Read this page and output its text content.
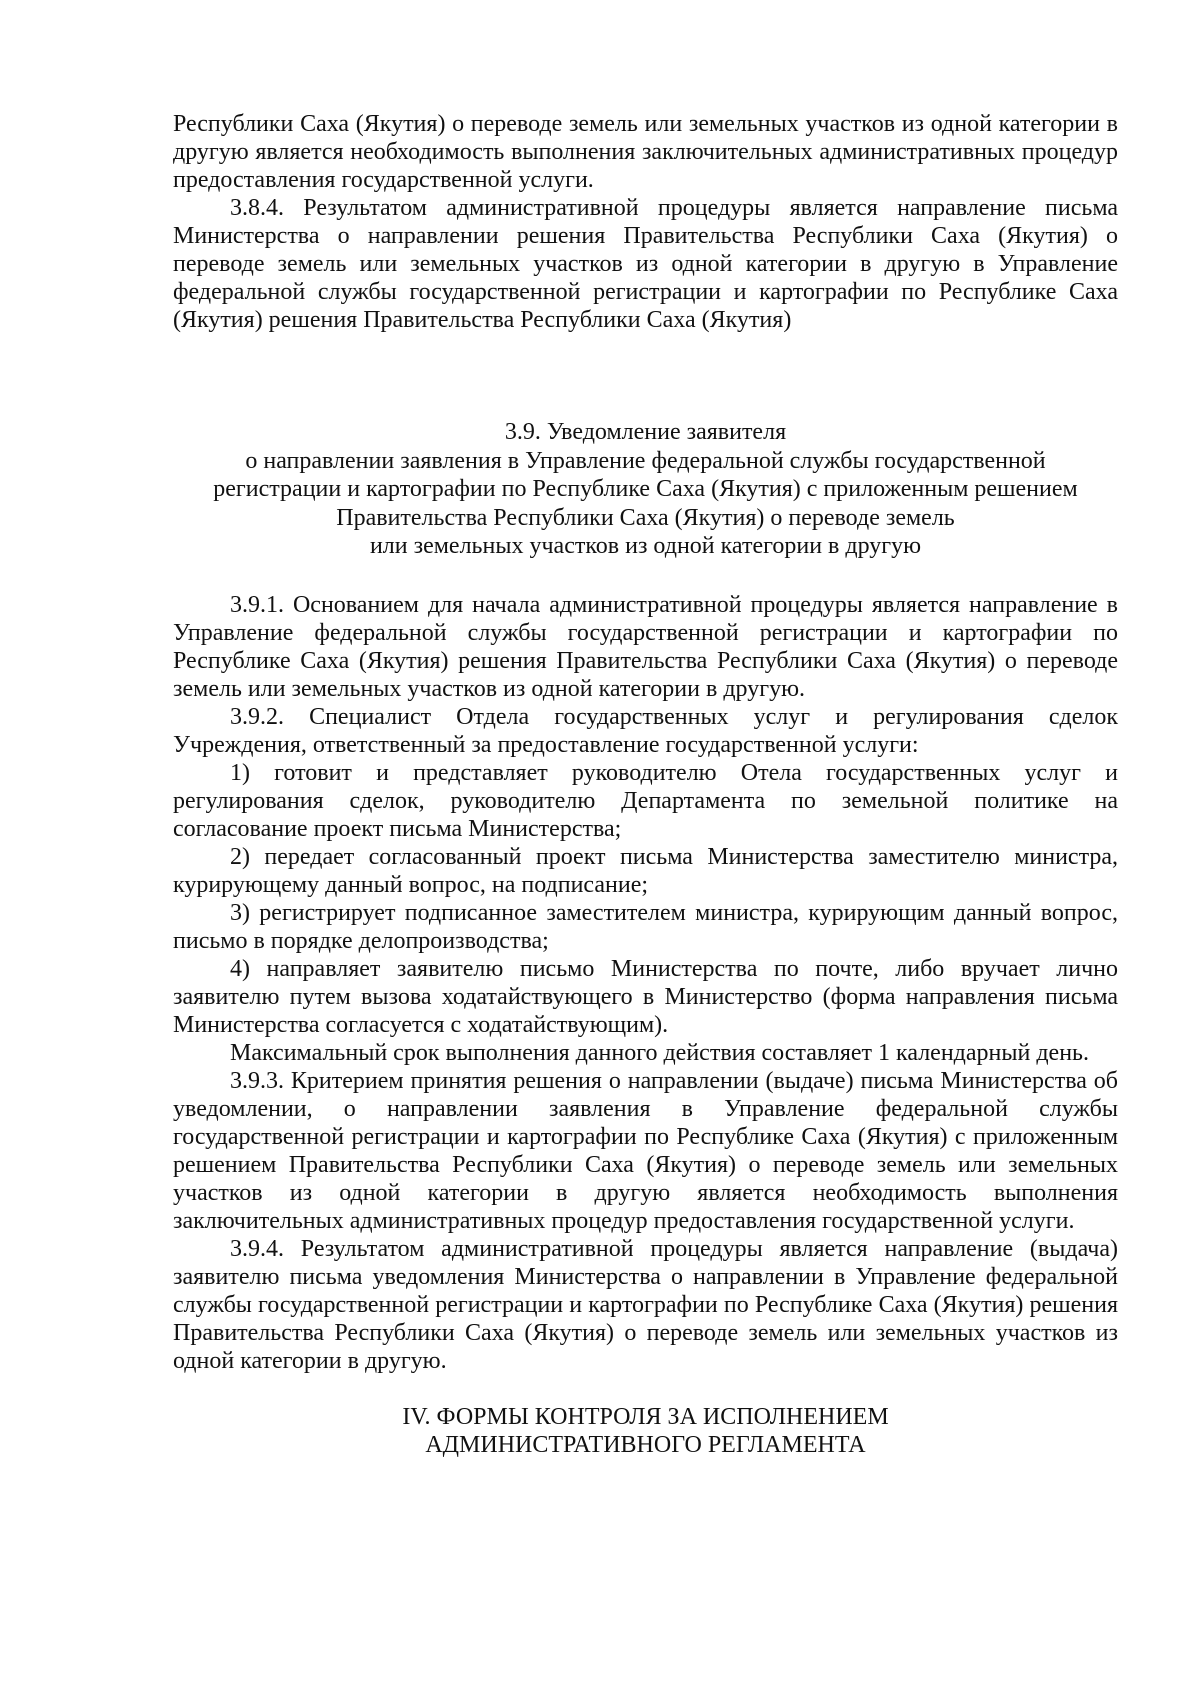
Республики Саха (Якутия) о переводе земель или земельных участков из одной категории в другую является необходимость выполнения заключительных административных процедур предоставления государственной услуги.

3.8.4. Результатом административной процедуры является направление письма Министерства о направлении решения Правительства Республики Саха (Якутия) о переводе земель или земельных участков из одной категории в другую в Управление федеральной службы государственной регистрации и картографии по Республике Саха (Якутия) решения Правительства Республики Саха (Якутия)

3.9. Уведомление заявителя
о направлении заявления в Управление федеральной службы государственной
регистрации и картографии по Республике Саха (Якутия) с приложенным решением
Правительства Республики Саха (Якутия) о переводе земель
или земельных участков из одной категории в другую

3.9.1. Основанием для начала административной процедуры является направление в Управление федеральной службы государственной регистрации и картографии по Республике Саха (Якутия) решения Правительства Республики Саха (Якутия) о переводе земель или земельных участков из одной категории в другую.

3.9.2. Специалист Отдела государственных услуг и регулирования сделок Учреждения, ответственный за предоставление государственной услуги:

1) готовит и представляет руководителю Отела государственных услуг и регулирования сделок, руководителю Департамента по земельной политике на согласование проект письма Министерства;

2) передает согласованный проект письма Министерства заместителю министра, курирующему данный вопрос, на подписание;

3) регистрирует подписанное заместителем министра, курирующим данный вопрос, письмо в порядке делопроизводства;

4) направляет заявителю письмо Министерства по почте, либо вручает лично заявителю путем вызова ходатайствующего в Министерство (форма направления письма Министерства согласуется с ходатайствующим).

Максимальный срок выполнения данного действия составляет 1 календарный день.

3.9.3. Критерием принятия решения о направлении (выдаче) письма Министерства об уведомлении, о направлении заявления в Управление федеральной службы государственной регистрации и картографии по Республике Саха (Якутия) с приложенным решением Правительства Республики Саха (Якутия) о переводе земель или земельных участков из одной категории в другую является необходимость выполнения заключительных административных процедур предоставления государственной услуги.

3.9.4. Результатом административной процедуры является направление (выдача) заявителю письма уведомления Министерства о направлении в Управление федеральной службы государственной регистрации и картографии по Республике Саха (Якутия) решения Правительства Республики Саха (Якутия) о переводе земель или земельных участков из одной категории в другую.

IV. ФОРМЫ КОНТРОЛЯ ЗА ИСПОЛНЕНИЕМ
АДМИНИСТРАТИВНОГО РЕГЛАМЕНТА
